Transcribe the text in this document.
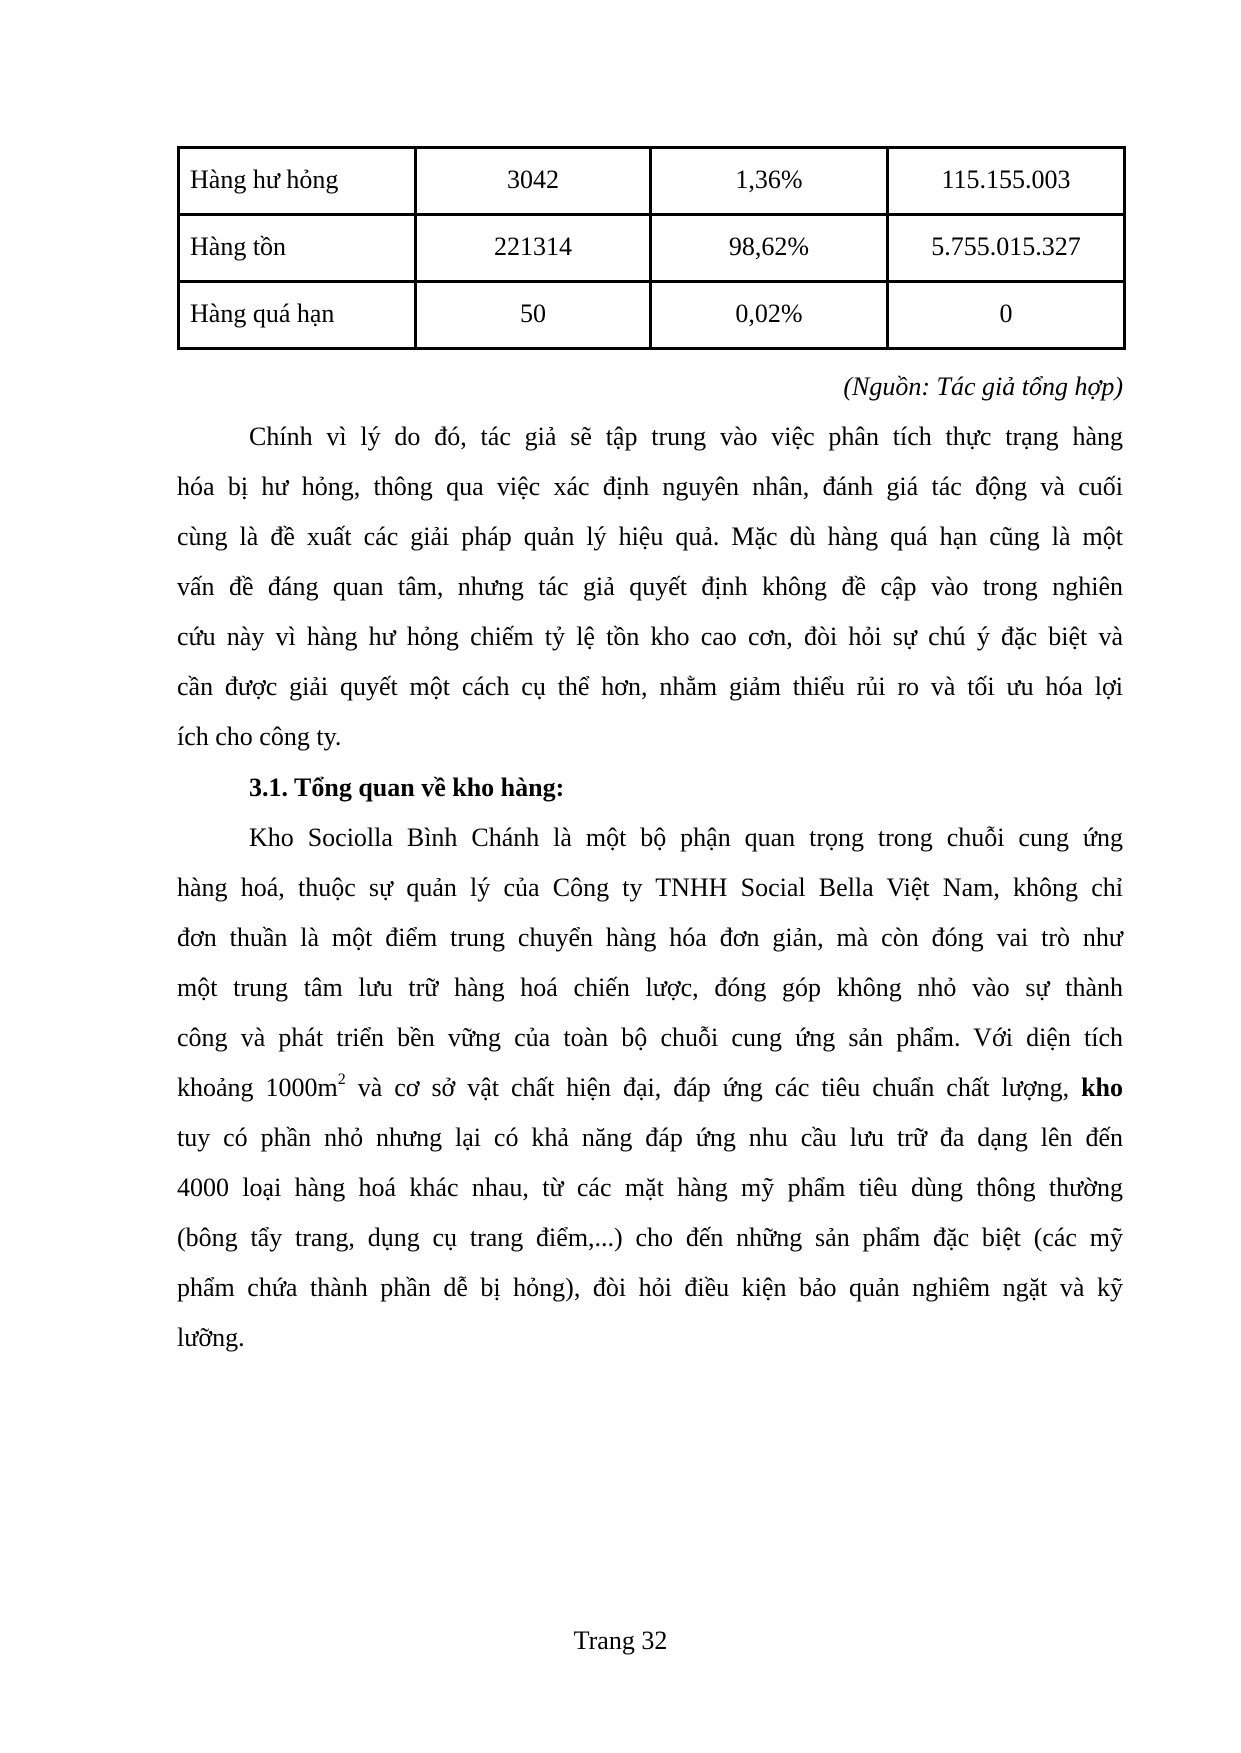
Hàng hư hỏng	3042	1,36%	115.155.003
Hàng tồn	221314	98,62%	5.755.015.327
Hàng quá hạn	50	0,02%	0
(Nguồn: Tác giả tổng hợp)
Chính vì lý do đó, tác giả sẽ tập trung vào việc phân tích thực trạng hàng
hóa bị hư hỏng, thông qua việc xác định nguyên nhân, đánh giá tác động và cuối
cùng là đề xuất các giải pháp quản lý hiệu quả. Mặc dù hàng quá hạn cũng là một
vấn đề đáng quan tâm, nhưng tác giả quyết định không đề cập vào trong nghiên
cứu này vì hàng hư hỏng chiếm tỷ lệ tồn kho cao cơn, đòi hỏi sự chú ý đặc biệt và
cần được giải quyết một cách cụ thể hơn, nhằm giảm thiểu rủi ro và tối ưu hóa lợi
ích cho công ty.
3.1. Tổng quan về kho hàng:
Kho Sociolla Bình Chánh là một bộ phận quan trọng trong chuỗi cung ứng
hàng hoá, thuộc sự quản lý của Công ty TNHH Social Bella Việt Nam, không chỉ
đơn thuần là một điểm trung chuyển hàng hóa đơn giản, mà còn đóng vai trò như
một trung tâm lưu trữ hàng hoá chiến lược, đóng góp không nhỏ vào sự thành
công và phát triển bền vững của toàn bộ chuỗi cung ứng sản phẩm. Với diện tích
khoảng $1000m^2$ và cơ sở vật chất hiện đại, đáp ứng các tiêu chuẩn chất lượng, kho
tuy có phần nhỏ nhưng lại có khả năng đáp ứng nhu cầu lưu trữ đa dạng lên đến
4000 loại hàng hoá khác nhau, từ các mặt hàng mỹ phẩm tiêu dùng thông thường
(bông tẩy trang, dụng cụ trang điểm,...) cho đến những sản phẩm đặc biệt (các mỹ
phẩm chứa thành phần dễ bị hỏng), đòi hỏi điều kiện bảo quản nghiêm ngặt và kỹ
lưỡng.
Trang 32
